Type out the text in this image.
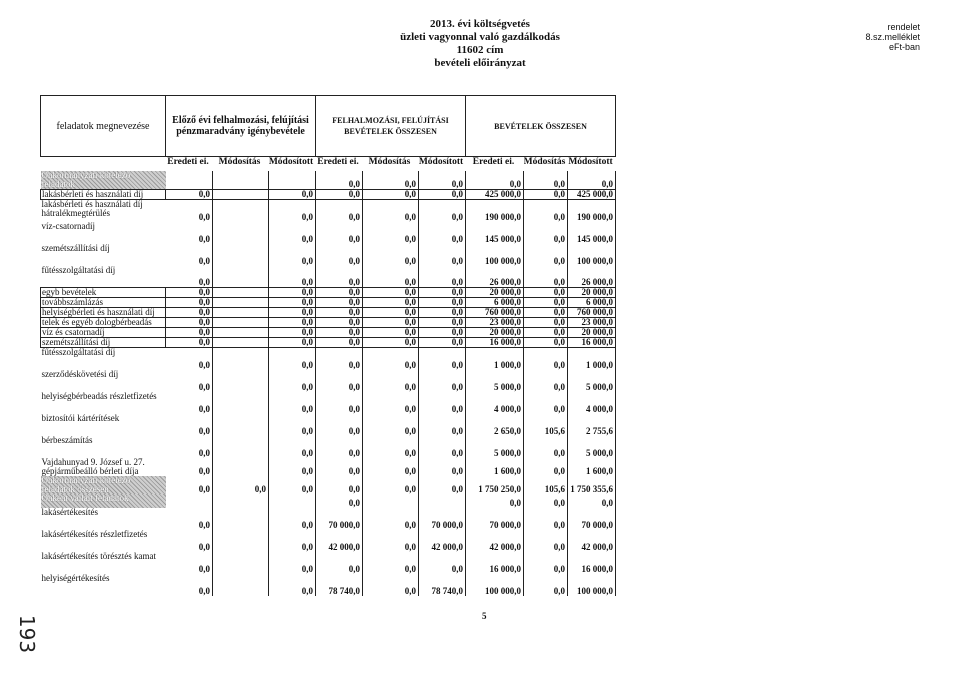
2013. évi költségvetés
üzleti vagyonnal való gazdálkodás
11602 cím
bevételi előirányzat
rendelet
8.sz.melléklet
eFt-ban
feladatok megnevezése	Előző évi felhalmozási, felújítási pénzmaradvány igénybevétele	FELHALMOZÁSI, FELÚJÍTÁSI BEVÉTELEK ÖSSZESEN	BEVÉTELEK ÖSSZESEN
	Eredeti ei.	Módosítás	Módosított	Eredeti ei.	Módosítás	Módosított	Eredeti ei.	Módosítás	Módosított
Önkormányzati kötelező feladatok				0,0	0,0	0,0	0,0	0,0	0,0
lakásbérleti és használati díj	0,0		0,0	0,0	0,0	0,0	425 000,0	0,0	425 000,0
lakásbérleti és használati díj hátralékmegtérülés	0,0		0,0	0,0	0,0	0,0	190 000,0	0,0	190 000,0
víz-csatornadíj	0,0		0,0	0,0	0,0	0,0	145 000,0	0,0	145 000,0
szemétszállítási díj	0,0		0,0	0,0	0,0	0,0	100 000,0	0,0	100 000,0
fűtésszolgáltatási díj	0,0		0,0	0,0	0,0	0,0	26 000,0	0,0	26 000,0
egyb bevételek	0,0		0,0	0,0	0,0	0,0	20 000,0	0,0	20 000,0
továbbszámlázás	0,0		0,0	0,0	0,0	0,0	6 000,0	0,0	6 000,0
helyiségbérleti és használati díj	0,0		0,0	0,0	0,0	0,0	760 000,0	0,0	760 000,0
telek és egyéb dologbérbeadás	0,0		0,0	0,0	0,0	0,0	23 000,0	0,0	23 000,0
víz és csatornadíj	0,0		0,0	0,0	0,0	0,0	20 000,0	0,0	20 000,0
szemétszállítási díj	0,0		0,0	0,0	0,0	0,0	16 000,0	0,0	16 000,0
fűtésszolgáltatási díj	0,0		0,0	0,0	0,0	0,0	1 000,0	0,0	1 000,0
szerződéskövetési díj	0,0		0,0	0,0	0,0	0,0	5 000,0	0,0	5 000,0
helyiségbérbeadás részletfizetés	0,0		0,0	0,0	0,0	0,0	4 000,0	0,0	4 000,0
biztosítói kártérítések	0,0		0,0	0,0	0,0	0,0	2 650,0	105,6	2 755,6
bérbeszámítás	0,0		0,0	0,0	0,0	0,0	5 000,0	0,0	5 000,0
Vajdahunyad 9. József u. 27. gépjárműbeálló bérleti díja	0,0		0,0	0,0	0,0	0,0	1 600,0	0,0	1 600,0
Önkormányzati kötelező feladatok összesen	0,0	0,0	0,0	0,0	0,0	0,0	1 750 250,0	105,6	1 750 355,6
Önként vállalt feladatok				0,0			0,0	0,0	0,0
lakásértékesítés	0,0		0,0	70 000,0	0,0	70 000,0	70 000,0	0,0	70 000,0
lakásértékesítés részletfizetés	0,0		0,0	42 000,0	0,0	42 000,0	42 000,0	0,0	42 000,0
lakásértékesítés törésztés kamat	0,0		0,0	0,0	0,0	0,0	16 000,0	0,0	16 000,0
helyiségértékesítés	0,0		0,0	78 740,0	0,0	78 740,0	100 000,0	0,0	100 000,0
5
193
